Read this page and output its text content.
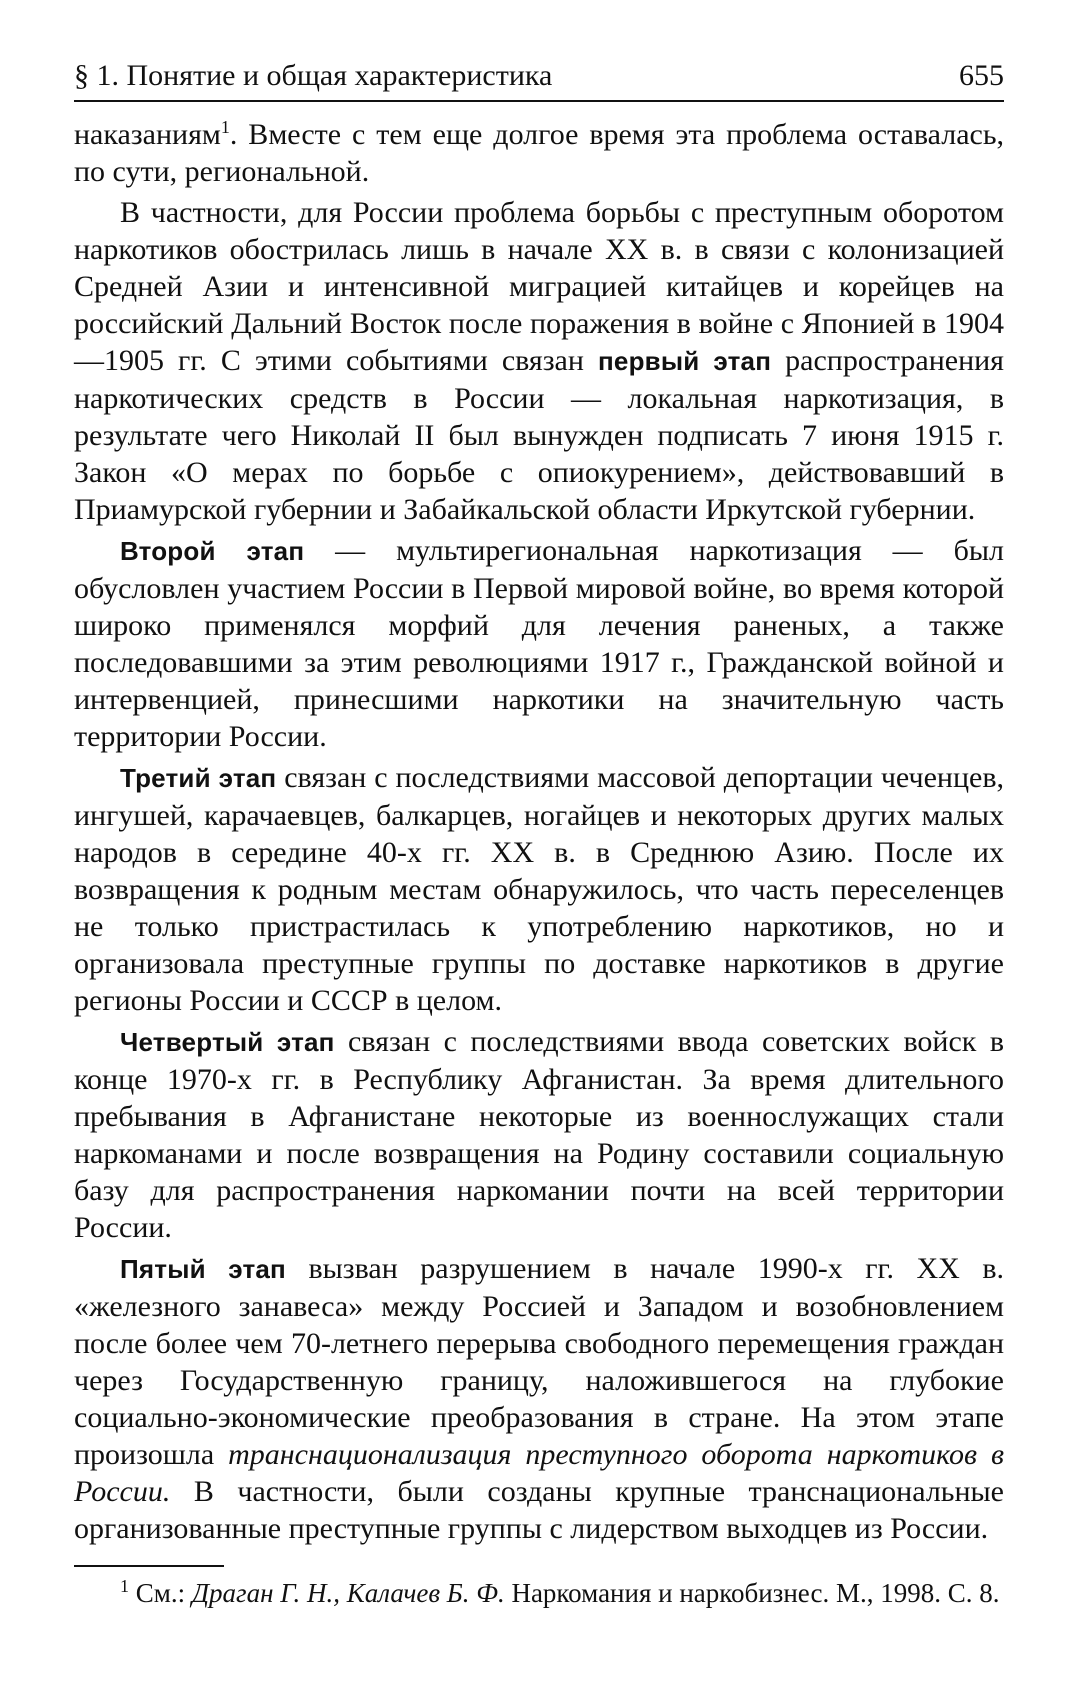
§ 1. Понятие и общая характеристика	655

наказаниям$^1$. Вместе с тем еще долгое время эта проблема оставалась, по сути, региональной.

В частности, для России проблема борьбы с преступным оборотом наркотиков обострилась лишь в начале XX в. в связи с колонизацией Средней Азии и интенсивной миграцией китайцев и корейцев на российский Дальний Восток после поражения в войне с Японией в 1904—1905 гг. С этими событиями связан первый этап распространения наркотических средств в России — локальная наркотизация, в результате чего Николай II был вынужден подписать 7 июня 1915 г. Закон «О мерах по борьбе с опиокурением», действовавший в Приамурской губернии и Забайкальской области Иркутской губернии.

Второй этап — мультирегиональная наркотизация — был обусловлен участием России в Первой мировой войне, во время которой широко применялся морфий для лечения раненых, а также последовавшими за этим революциями 1917 г., Гражданской войной и интервенцией, принесшими наркотики на значительную часть территории России.

Третий этап связан с последствиями массовой депортации чеченцев, ингушей, карачаевцев, балкарцев, ногайцев и некоторых других малых народов в середине 40-х гг. XX в. в Среднюю Азию. После их возвращения к родным местам обнаружилось, что часть переселенцев не только пристрастилась к употреблению наркотиков, но и организовала преступные группы по доставке наркотиков в другие регионы России и СССР в целом.

Четвертый этап связан с последствиями ввода советских войск в конце 1970-х гг. в Республику Афганистан. За время длительного пребывания в Афганистане некоторые из военнослужащих стали наркоманами и после возвращения на Родину составили социальную базу для распространения наркомании почти на всей территории России.

Пятый этап вызван разрушением в начале 1990-х гг. XX в. «железного занавеса» между Россией и Западом и возобновлением после более чем 70-летнего перерыва свободного перемещения граждан через Государственную границу, наложившегося на глубокие социально-экономические преобразования в стране. На этом этапе произошла транснационализация преступного оборота наркотиков в России. В частности, были созданы крупные транснациональные организованные преступные группы с лидерством выходцев из России.

$^1$ См.: Драган Г. Н., Калачев Б. Ф. Наркомания и наркобизнес. М., 1998. С. 8.
